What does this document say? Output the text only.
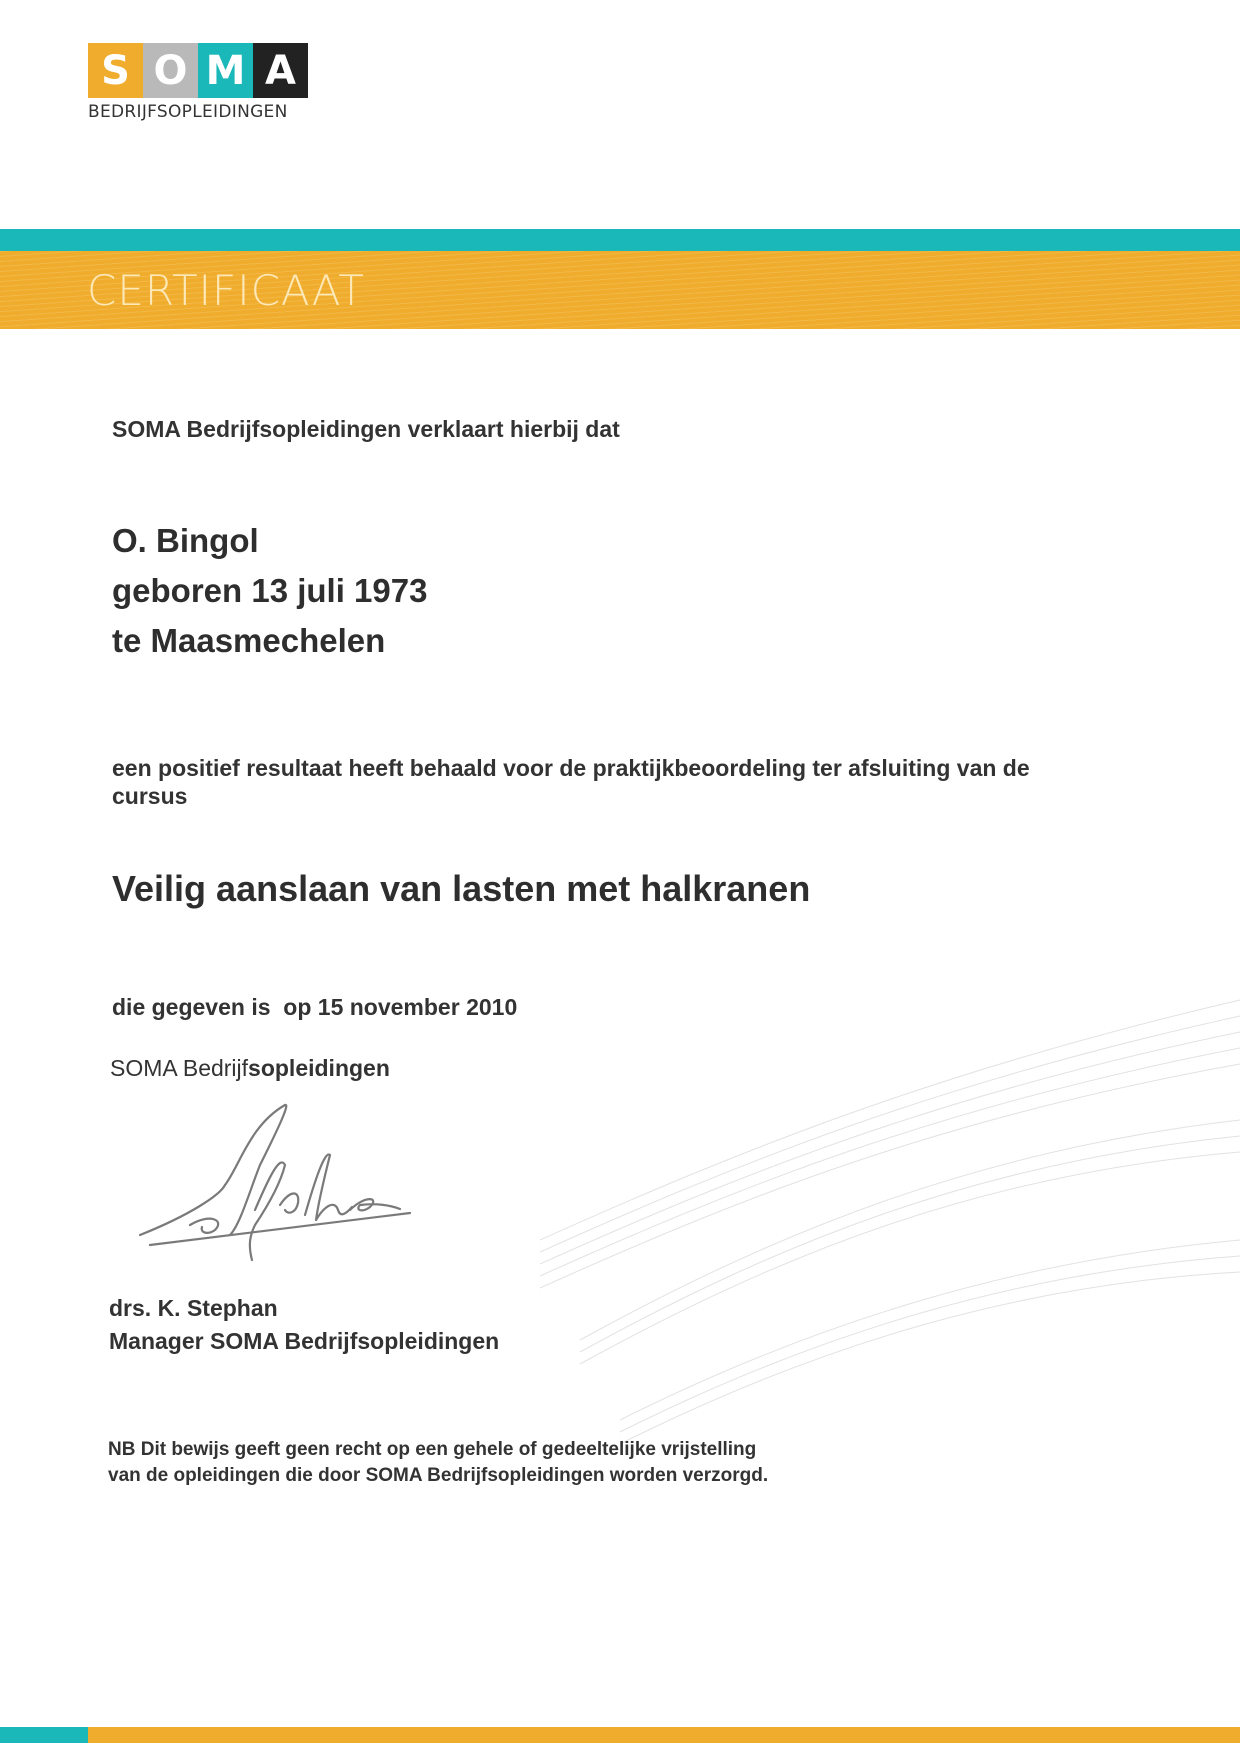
S O M A
BEDRIJFSOPLEIDINGEN
CERTIFICAAT

SOMA Bedrijfsopleidingen verklaart hierbij dat

O. Bingol
geboren 13 juli 1973
te Maasmechelen
een positief resultaat heeft behaald voor de praktijkbeoordeling ter afsluiting van de
cursus

Veilig aanslaan van lasten met halkranen

die gegeven is  op 15 november 2010

SOMA Bedrijfsopleidingen

drs. K. Stephan
Manager SOMA Bedrijfsopleidingen
NB Dit bewijs geeft geen recht op een gehele of gedeeltelijke vrijstelling
van de opleidingen die door SOMA Bedrijfsopleidingen worden verzorgd.
